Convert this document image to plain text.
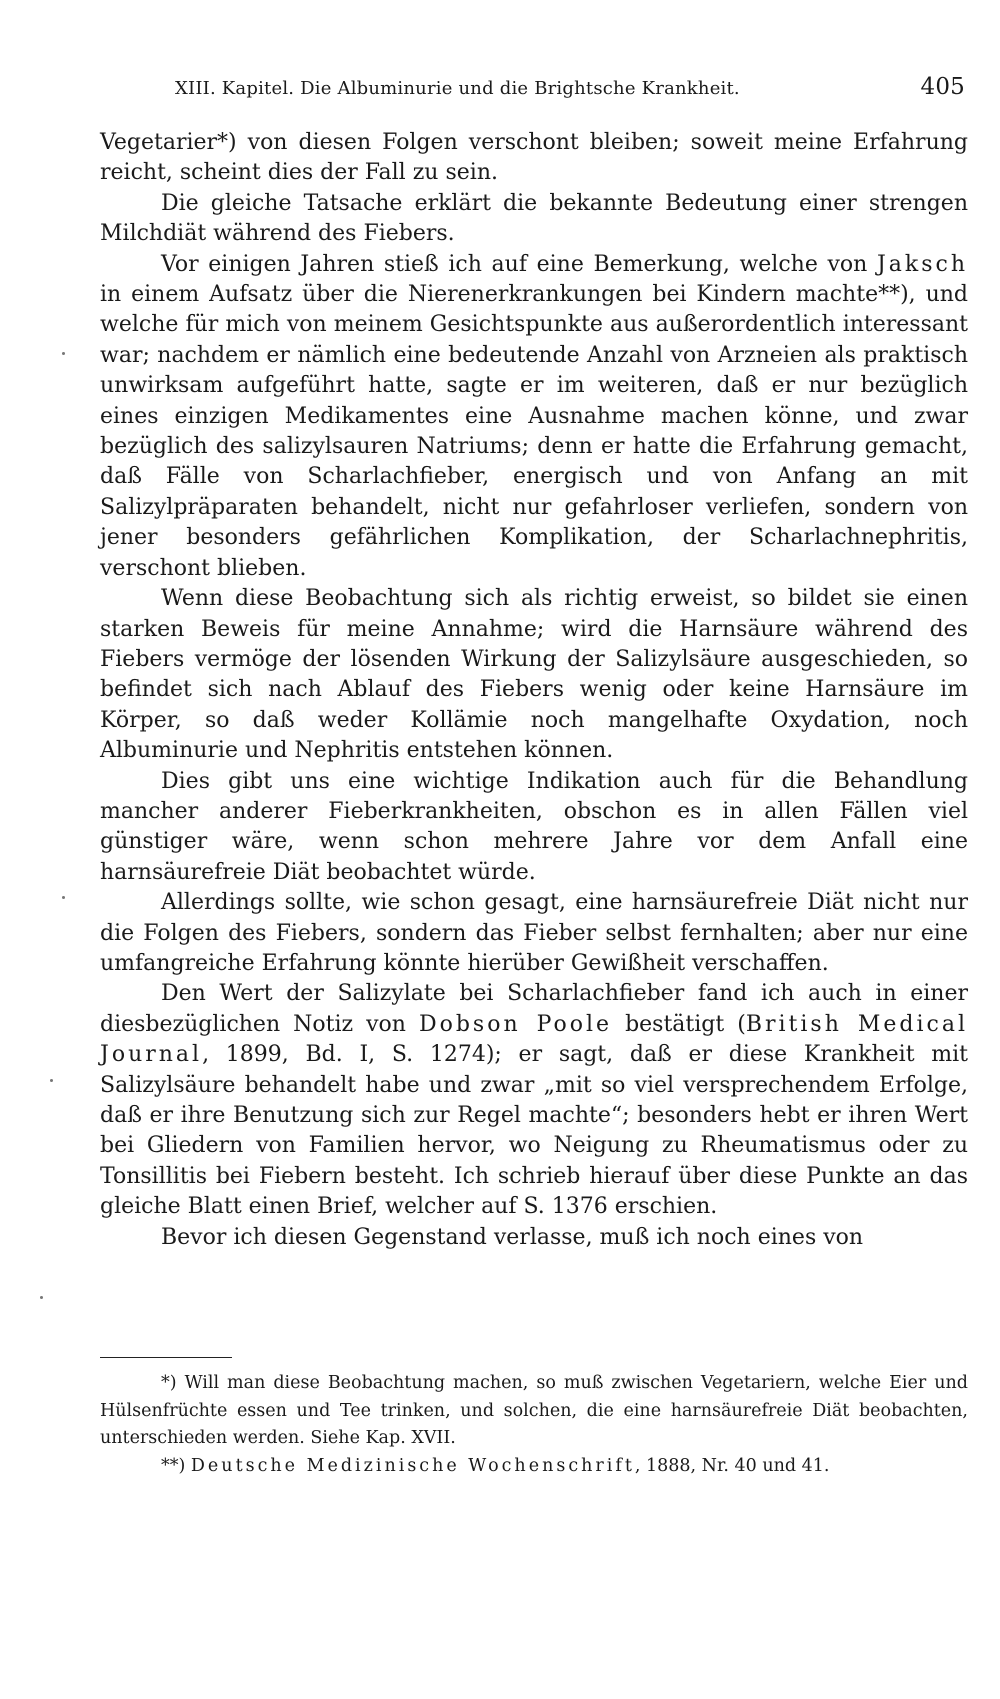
XIII. Kapitel. Die Albuminurie und die Brightsche Krankheit.	405

Vegetarier*) von diesen Folgen verschont bleiben; soweit meine Erfahrung reicht, scheint dies der Fall zu sein.

Die gleiche Tatsache erklärt die bekannte Bedeutung einer strengen Milchdiät während des Fiebers.

Vor einigen Jahren stieß ich auf eine Bemerkung, welche von Jaksch in einem Aufsatz über die Nierenerkrankungen bei Kindern machte**), und welche für mich von meinem Gesichtspunkte aus außerordentlich interessant war; nachdem er nämlich eine bedeutende Anzahl von Arzneien als praktisch unwirksam aufgeführt hatte, sagte er im weiteren, daß er nur bezüglich eines einzigen Medikamentes eine Ausnahme machen könne, und zwar bezüglich des salizylsauren Natriums; denn er hatte die Erfahrung gemacht, daß Fälle von Scharlachfieber, energisch und von Anfang an mit Salizylpräparaten behandelt, nicht nur gefahrloser verliefen, sondern von jener besonders gefährlichen Komplikation, der Scharlachnephritis, verschont blieben.

Wenn diese Beobachtung sich als richtig erweist, so bildet sie einen starken Beweis für meine Annahme; wird die Harnsäure während des Fiebers vermöge der lösenden Wirkung der Salizylsäure ausgeschieden, so befindet sich nach Ablauf des Fiebers wenig oder keine Harnsäure im Körper, so daß weder Kollämie noch mangelhafte Oxydation, noch Albuminurie und Nephritis entstehen können.

Dies gibt uns eine wichtige Indikation auch für die Behandlung mancher anderer Fieberkrankheiten, obschon es in allen Fällen viel günstiger wäre, wenn schon mehrere Jahre vor dem Anfall eine harnsäurefreie Diät beobachtet würde.

Allerdings sollte, wie schon gesagt, eine harnsäurefreie Diät nicht nur die Folgen des Fiebers, sondern das Fieber selbst fernhalten; aber nur eine umfangreiche Erfahrung könnte hierüber Gewißheit verschaffen.

Den Wert der Salizylate bei Scharlachfieber fand ich auch in einer diesbezüglichen Notiz von Dobson Poole bestätigt (British Medical Journal, 1899, Bd. I, S. 1274); er sagt, daß er diese Krankheit mit Salizylsäure behandelt habe und zwar „mit so viel versprechendem Erfolge, daß er ihre Benutzung sich zur Regel machte“; besonders hebt er ihren Wert bei Gliedern von Familien hervor, wo Neigung zu Rheumatismus oder zu Tonsillitis bei Fiebern besteht. Ich schrieb hierauf über diese Punkte an das gleiche Blatt einen Brief, welcher auf S. 1376 erschien.

Bevor ich diesen Gegenstand verlasse, muß ich noch eines von

*) Will man diese Beobachtung machen, so muß zwischen Vegetariern, welche Eier und Hülsenfrüchte essen und Tee trinken, und solchen, die eine harnsäurefreie Diät beobachten, unterschieden werden. Siehe Kap. XVII.

**) Deutsche Medizinische Wochenschrift, 1888, Nr. 40 und 41.
